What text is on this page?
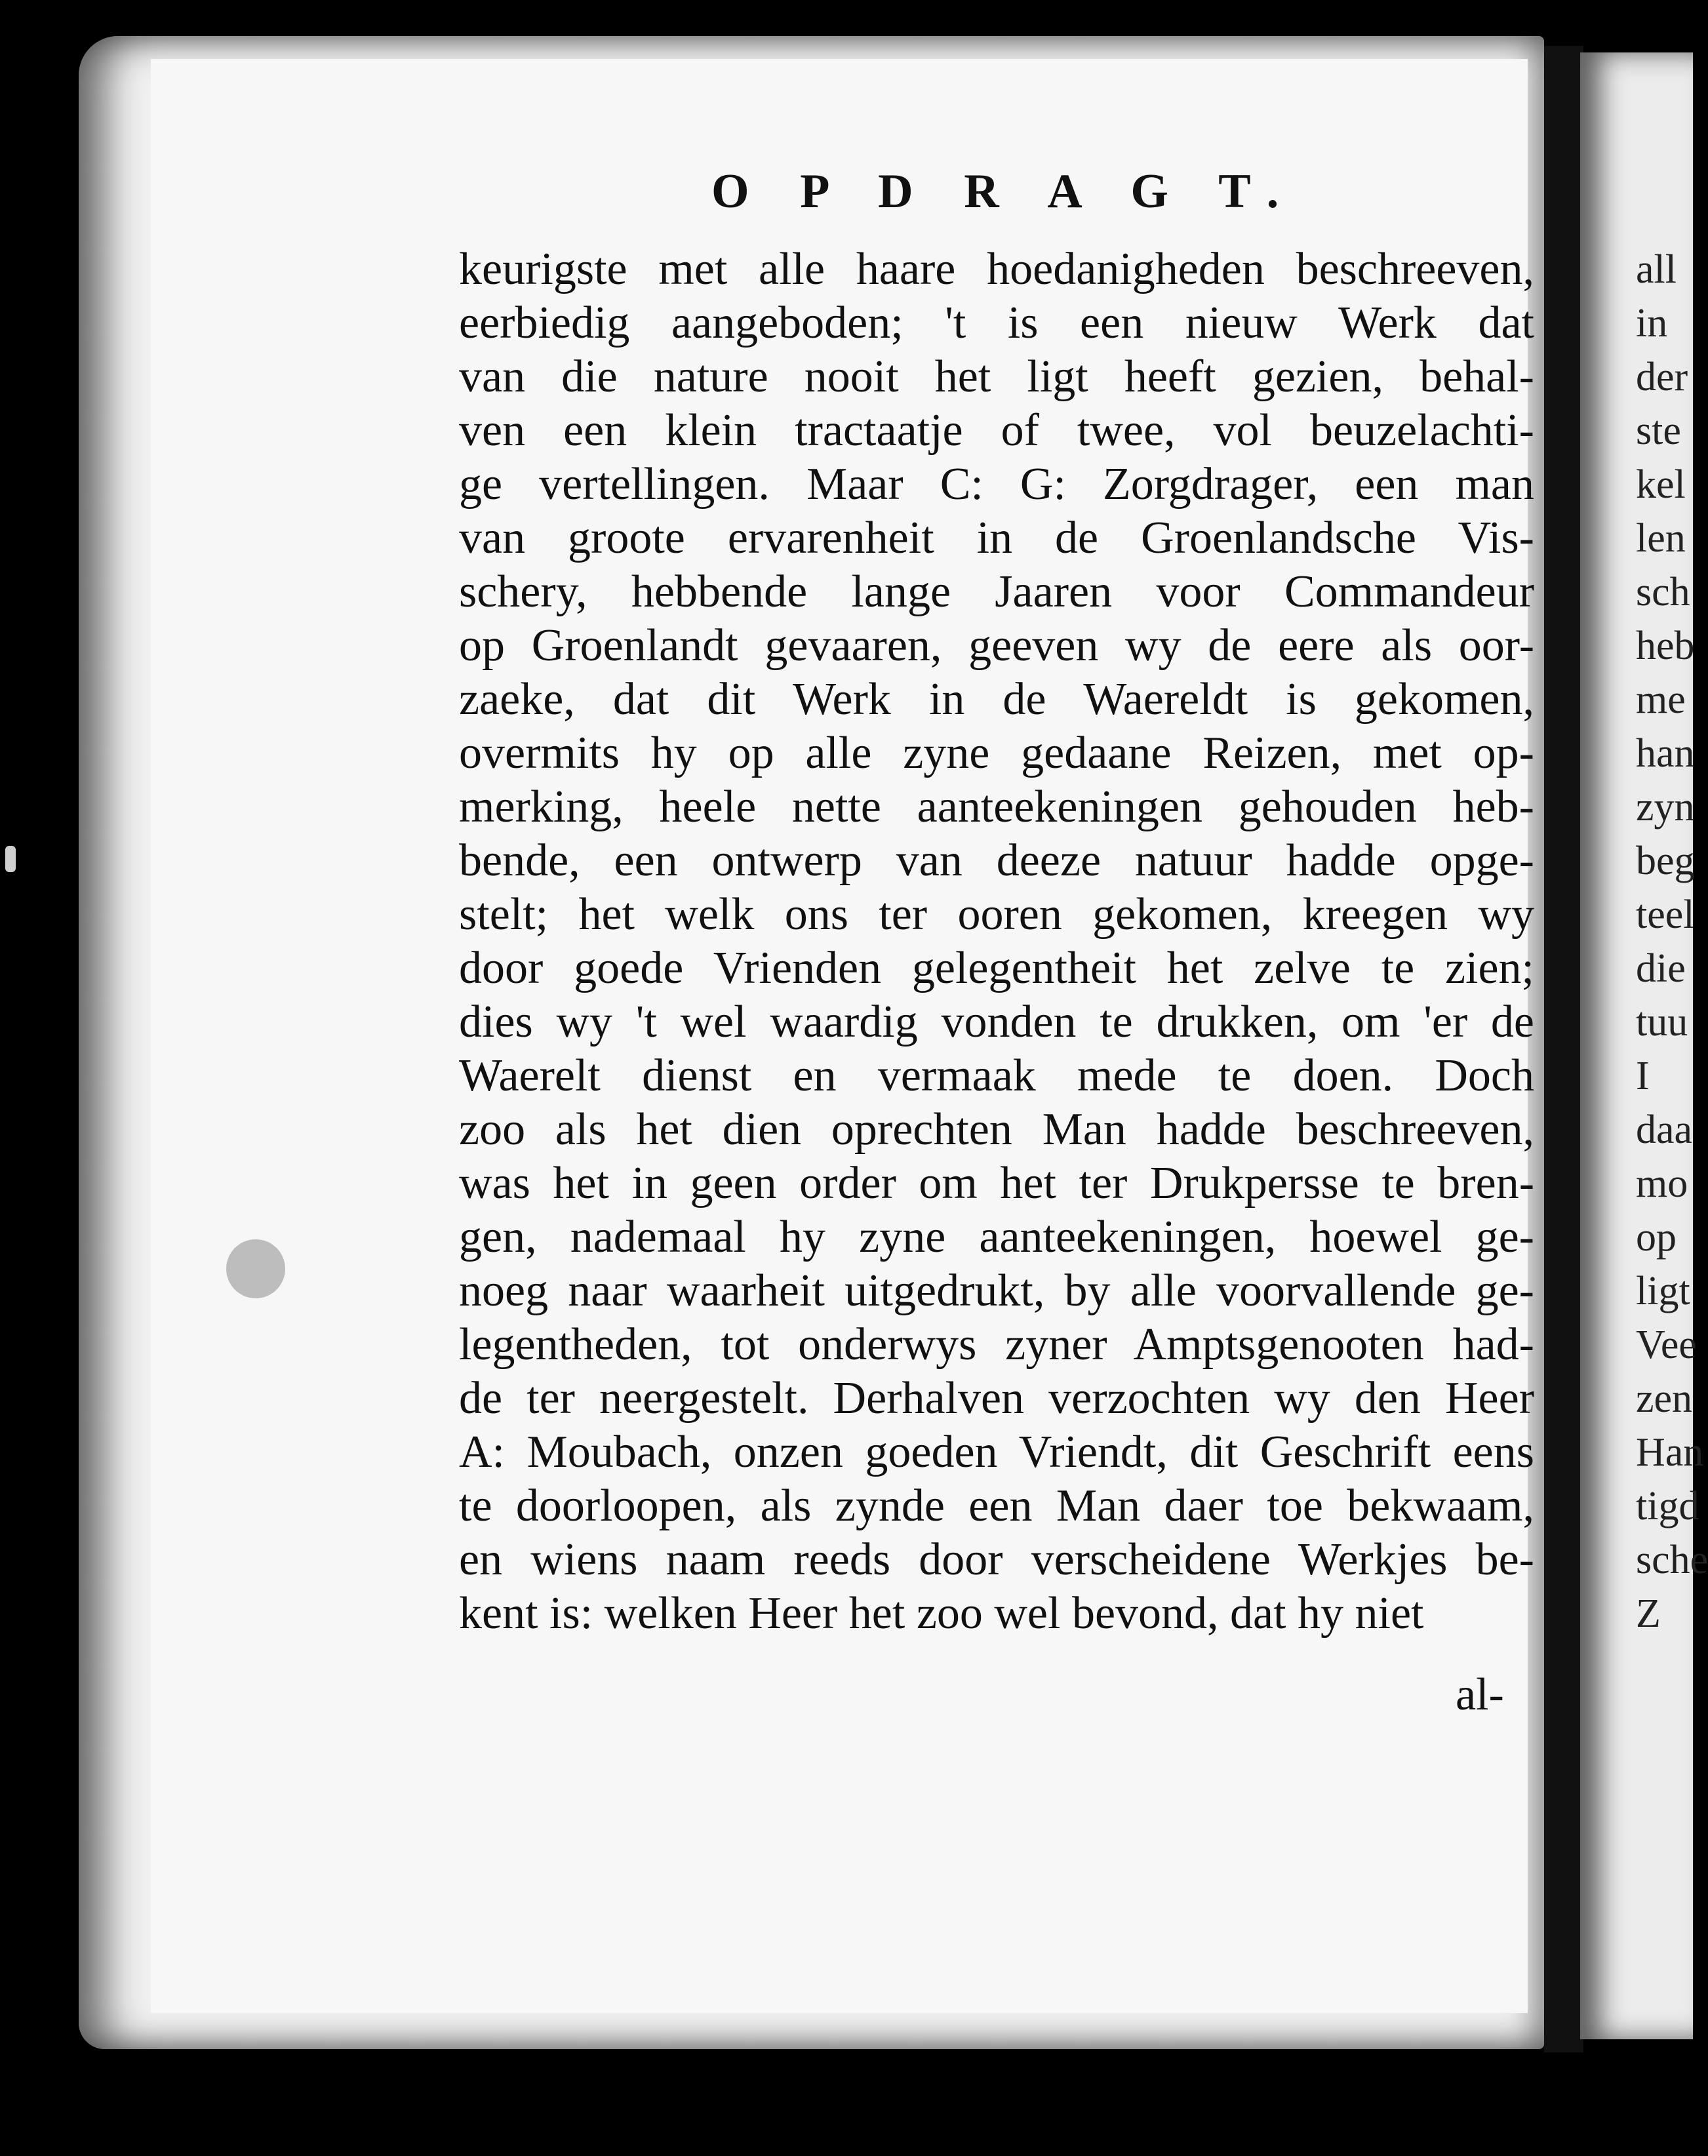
O P D R A G T.
keurigste met alle haare hoedanigheden beschreeven,
eerbiedig aangeboden; 't is een nieuw Werk dat
van die nature nooit het ligt heeft gezien, behal-
ven een klein tractaatje of twee, vol beuzelachti-
ge vertellingen. Maar C: G: Zorgdrager, een man
van groote ervarenheit in de Groenlandsche Vis-
schery, hebbende lange Jaaren voor Commandeur
op Groenlandt gevaaren, geeven wy de eere als oor-
zaeke, dat dit Werk in de Waereldt is gekomen,
overmits hy op alle zyne gedaane Reizen, met op-
merking, heele nette aanteekeningen gehouden heb-
bende, een ontwerp van deeze natuur hadde opge-
stelt; het welk ons ter ooren gekomen, kreegen wy
door goede Vrienden gelegentheit het zelve te zien;
dies wy 't wel waardig vonden te drukken, om 'er de
Waerelt dienst en vermaak mede te doen. Doch
zoo als het dien oprechten Man hadde beschreeven,
was het in geen order om het ter Drukpersse te bren-
gen, nademaal hy zyne aanteekeningen, hoewel ge-
noeg naar waarheit uitgedrukt, by alle voorvallende ge-
legentheden, tot onderwys zyner Amptsgenooten had-
de ter neergestelt. Derhalven verzochten wy den Heer
A: Moubach, onzen goeden Vriendt, dit Geschrift eens
te doorloopen, als zynde een Man daer toe bekwaam,
en wiens naam reeds door verscheidene Werkjes be-
kent is: welken Heer het zoo wel bevond, dat hy niet
al-
all
in
der
ste
kel
len
sch
heb
me
han
zyn
beg
teel
die
tuu
I
daa
mo
op
ligt
Vee
zen
Han
tigd
sche
Z
